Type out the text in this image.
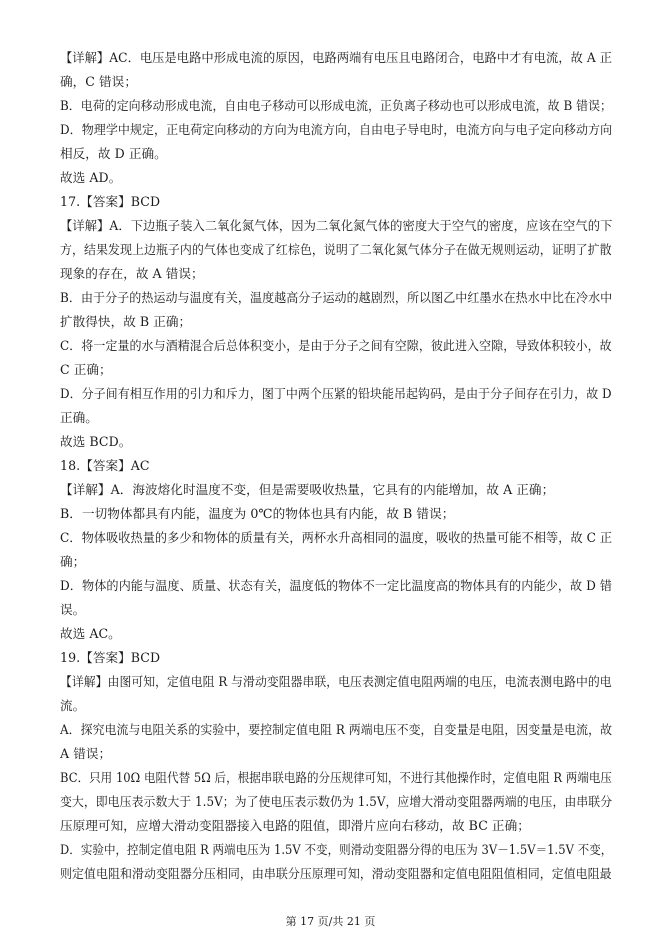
【详解】AC．电压是电路中形成电流的原因，电路两端有电压且电路闭合，电路中才有电流，故 A 正
确，C 错误；
B．电荷的定向移动形成电流，自由电子移动可以形成电流，正负离子移动也可以形成电流，故 B 错误；
D．物理学中规定，正电荷定向移动的方向为电流方向，自由电子导电时，电流方向与电子定向移动方向
相反，故 D 正确。
故选 AD。
17.【答案】BCD
【详解】A．下边瓶子装入二氧化氮气体，因为二氧化氮气体的密度大于空气的密度，应该在空气的下
方，结果发现上边瓶子内的气体也变成了红棕色，说明了二氧化氮气体分子在做无规则运动，证明了扩散
现象的存在，故 A 错误；
B．由于分子的热运动与温度有关，温度越高分子运动的越剧烈，所以图乙中红墨水在热水中比在冷水中
扩散得快，故 B 正确；
C．将一定量的水与酒精混合后总体积变小，是由于分子之间有空隙，彼此进入空隙，导致体积较小，故
C 正确；
D．分子间有相互作用的引力和斥力，图丁中两个压紧的铅块能吊起钩码，是由于分子间存在引力，故 D
正确。
故选 BCD。
18.【答案】AC
【详解】A．海波熔化时温度不变，但是需要吸收热量，它具有的内能增加，故 A 正确；
B．一切物体都具有内能，温度为 0℃的物体也具有内能，故 B 错误；
C．物体吸收热量的多少和物体的质量有关，两杯水升高相同的温度，吸收的热量可能不相等，故 C 正
确；
D．物体的内能与温度、质量、状态有关，温度低的物体不一定比温度高的物体具有的内能少，故 D 错
误。
故选 AC。
19.【答案】BCD
【详解】由图可知，定值电阻 R 与滑动变阻器串联，电压表测定值电阻两端的电压，电流表测电路中的电
流。
A．探究电流与电阻关系的实验中，要控制定值电阻 R 两端电压不变，自变量是电阻，因变量是电流，故
A 错误；
BC．只用 10Ω 电阻代替 5Ω 后，根据串联电路的分压规律可知，不进行其他操作时，定值电阻 R 两端电压
变大，即电压表示数大于 1.5V；为了使电压表示数仍为 1.5V，应增大滑动变阻器两端的电压，由串联分
压原理可知，应增大滑动变阻器接入电路的阻值，即滑片应向右移动，故 BC 正确；
D．实验中，控制定值电阻 R 两端电压为 1.5V 不变，则滑动变阻器分得的电压为 3V－1.5V＝1.5V 不变，
则定值电阻和滑动变阻器分压相同，由串联分压原理可知，滑动变阻器和定值电阻阻值相同，定值电阻最
第 17 页/共 21 页
